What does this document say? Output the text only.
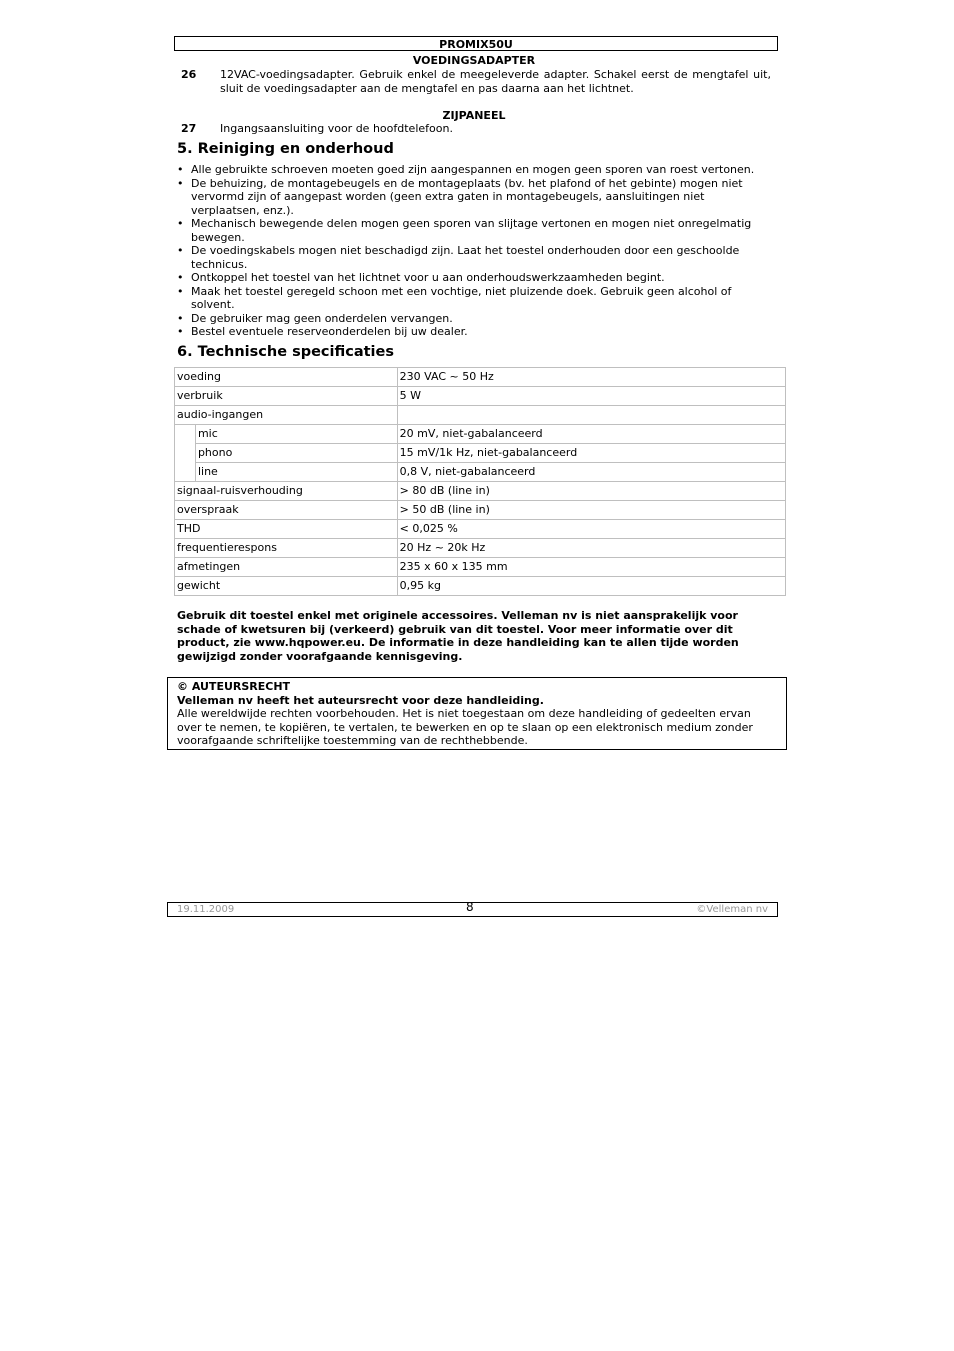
PROMIX50U
VOEDINGSADAPTER
26 12VAC-voedingsadapter. Gebruik enkel de meegeleverde adapter. Schakel eerst de mengtafel uit, sluit de voedingsadapter aan de mengtafel en pas daarna aan het lichtnet.
ZIJPANEEL
27 Ingangsaansluiting voor de hoofdtelefoon.
5. Reiniging en onderhoud
• Alle gebruikte schroeven moeten goed zijn aangespannen en mogen geen sporen van roest vertonen.
• De behuizing, de montagebeugels en de montageplaats (bv. het plafond of het gebinte) mogen niet vervormd zijn of aangepast worden (geen extra gaten in montagebeugels, aansluitingen niet verplaatsen, enz.).
• Mechanisch bewegende delen mogen geen sporen van slijtage vertonen en mogen niet onregelmatig bewegen.
• De voedingskabels mogen niet beschadigd zijn. Laat het toestel onderhouden door een geschoolde technicus.
• Ontkoppel het toestel van het lichtnet voor u aan onderhoudswerkzaamheden begint.
• Maak het toestel geregeld schoon met een vochtige, niet pluizende doek. Gebruik geen alcohol of solvent.
• De gebruiker mag geen onderdelen vervangen.
• Bestel eventuele reserveonderdelen bij uw dealer.
6. Technische specificaties
voeding		230 VAC ~ 50 Hz
verbruik		5 W
audio-ingangen		
	mic	20 mV, niet-gabalanceerd
	phono	15 mV/1k Hz, niet-gabalanceerd
	line	0,8 V, niet-gabalanceerd
signaal-ruisverhouding		> 80 dB (line in)
overspraak		> 50 dB (line in)
THD		< 0,025 %
frequentierespons		20 Hz ~ 20k Hz
afmetingen		235 x 60 x 135 mm
gewicht		0,95 kg
Gebruik dit toestel enkel met originele accessoires. Velleman nv is niet aansprakelijk voor schade of kwetsuren bij (verkeerd) gebruik van dit toestel. Voor meer informatie over dit product, zie www.hqpower.eu. De informatie in deze handleiding kan te allen tijde worden gewijzigd zonder voorafgaande kennisgeving.
© AUTEURSRECHT
Velleman nv heeft het auteursrecht voor deze handleiding.
Alle wereldwijde rechten voorbehouden. Het is niet toegestaan om deze handleiding of gedeelten ervan over te nemen, te kopiëren, te vertalen, te bewerken en op te slaan op een elektronisch medium zonder voorafgaande schriftelijke toestemming van de rechthebbende.
19.11.2009	8	©Velleman nv
